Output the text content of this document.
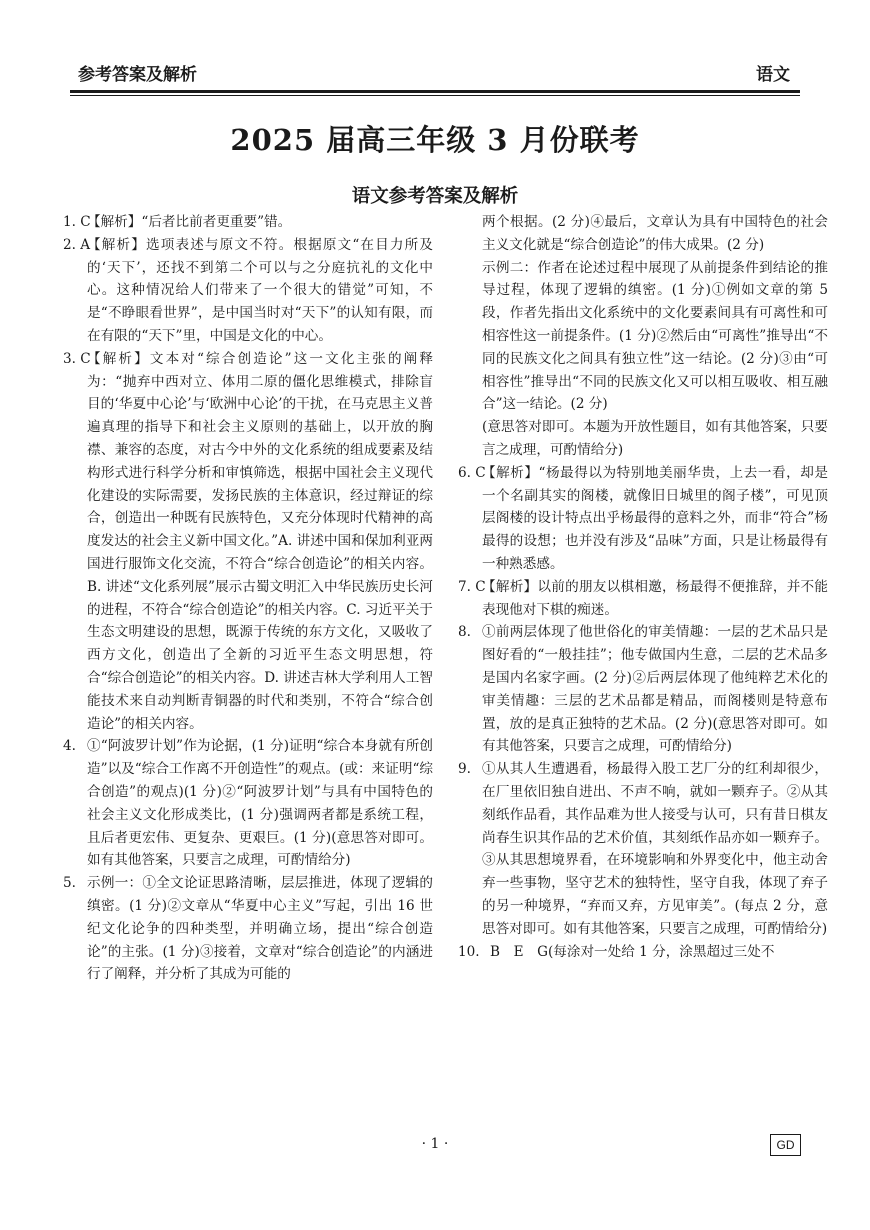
参考答案及解析	语文
2025 届高三年级 3 月份联考
语文参考答案及解析
1. C
【解析】“后者比前者更重要”错。
2. A
【解析】选项表述与原文不符。根据原文“在目力所及的‘天下’，还找不到第二个可以与之分庭抗礼的文化中心。这种情况给人们带来了一个很大的错觉”可知，不是“不睁眼看世界”，是中国当时对“天下”的认知有限，而在有限的“天下”里，中国是文化的中心。
3. C
【解析】文本对“综合创造论”这一文化主张的阐释为：“抛弃中西对立、体用二原的僵化思维模式，排除盲目的‘华夏中心论’与‘欧洲中心论’的干扰，在马克思主义普遍真理的指导下和社会主义原则的基础上，以开放的胸襟、兼容的态度，对古今中外的文化系统的组成要素及结构形式进行科学分析和审慎筛选，根据中国社会主义现代化建设的实际需要，发扬民族的主体意识，经过辩证的综合，创造出一种既有民族特色，又充分体现时代精神的高度发达的社会主义新中国文化。”A. 讲述中国和保加利亚两国进行服饰文化交流，不符合“综合创造论”的相关内容。B. 讲述“文化系列展”展示古蜀文明汇入中华民族历史长河的进程，不符合“综合创造论”的相关内容。C. 习近平关于生态文明建设的思想，既源于传统的东方文化，又吸收了西方文化，创造出了全新的习近平生态文明思想，符合“综合创造论”的相关内容。D. 讲述吉林大学利用人工智能技术来自动判断青铜器的时代和类别，不符合“综合创造论”的相关内容。
4. ①“阿波罗计划”作为论据，(1 分)证明“综合本身就有所创造”以及“综合工作离不开创造性”的观点。(或：来证明“综合创造”的观点)(1 分)②“阿波罗计划”与具有中国特色的社会主义文化形成类比，(1 分)强调两者都是系统工程，且后者更宏伟、更复杂、更艰巨。(1 分)(意思答对即可。如有其他答案，只要言之成理，可酌情给分)
5. 示例一：①全文论证思路清晰，层层推进，体现了逻辑的缜密。(1 分)②文章从“华夏中心主义”写起，引出 16 世纪文化论争的四种类型，并明确立场，提出“综合创造论”的主张。(1 分)③接着，文章对“综合创造论”的内涵进行了阐释，并分析了其成为可能的
两个根据。(2 分)④最后，文章认为具有中国特色的社会主义文化就是“综合创造论”的伟大成果。(2 分)
示例二：作者在论述过程中展现了从前提条件到结论的推导过程，体现了逻辑的缜密。(1 分)①例如文章的第 5 段，作者先指出文化系统中的文化要素间具有可离性和可相容性这一前提条件。(1 分)②然后由“可离性”推导出“不同的民族文化之间具有独立性”这一结论。(2 分)③由“可相容性”推导出“不同的民族文化又可以相互吸收、相互融合”这一结论。(2 分)
(意思答对即可。本题为开放性题目，如有其他答案，只要言之成理，可酌情给分)
6. C
【解析】“杨最得以为特别地美丽华贵，上去一看，却是一个名副其实的阁楼，就像旧日城里的阁子楼”，可见顶层阁楼的设计特点出乎杨最得的意料之外，而非“符合”杨最得的设想；也并没有涉及“品味”方面，只是让杨最得有一种熟悉感。
7. C
【解析】以前的朋友以棋相邀，杨最得不便推辞，并不能表现他对下棋的痴迷。
8. ①前两层体现了他世俗化的审美情趣：一层的艺术品只是图好看的“一般挂挂”；他专做国内生意，二层的艺术品多是国内名家字画。(2 分)②后两层体现了他纯粹艺术化的审美情趣：三层的艺术品都是精品，而阁楼则是特意布置，放的是真正独特的艺术品。(2 分)(意思答对即可。如有其他答案，只要言之成理，可酌情给分)
9. ①从其人生遭遇看，杨最得入股工艺厂分的红利却很少，在厂里依旧独自进出、不声不响，就如一颗弃子。②从其刻纸作品看，其作品难为世人接受与认可，只有昔日棋友尚春生识其作品的艺术价值，其刻纸作品亦如一颗弃子。③从其思想境界看，在环境影响和外界变化中，他主动舍弃一些事物，坚守艺术的独特性，坚守自我，体现了弃子的另一种境界，“弃而又弃，方见审美”。(每点 2 分，意思答对即可。如有其他答案，只要言之成理，可酌情给分)
10. B　E　G(每涂对一处给 1 分，涂黑超过三处不
· 1 ·	GD
